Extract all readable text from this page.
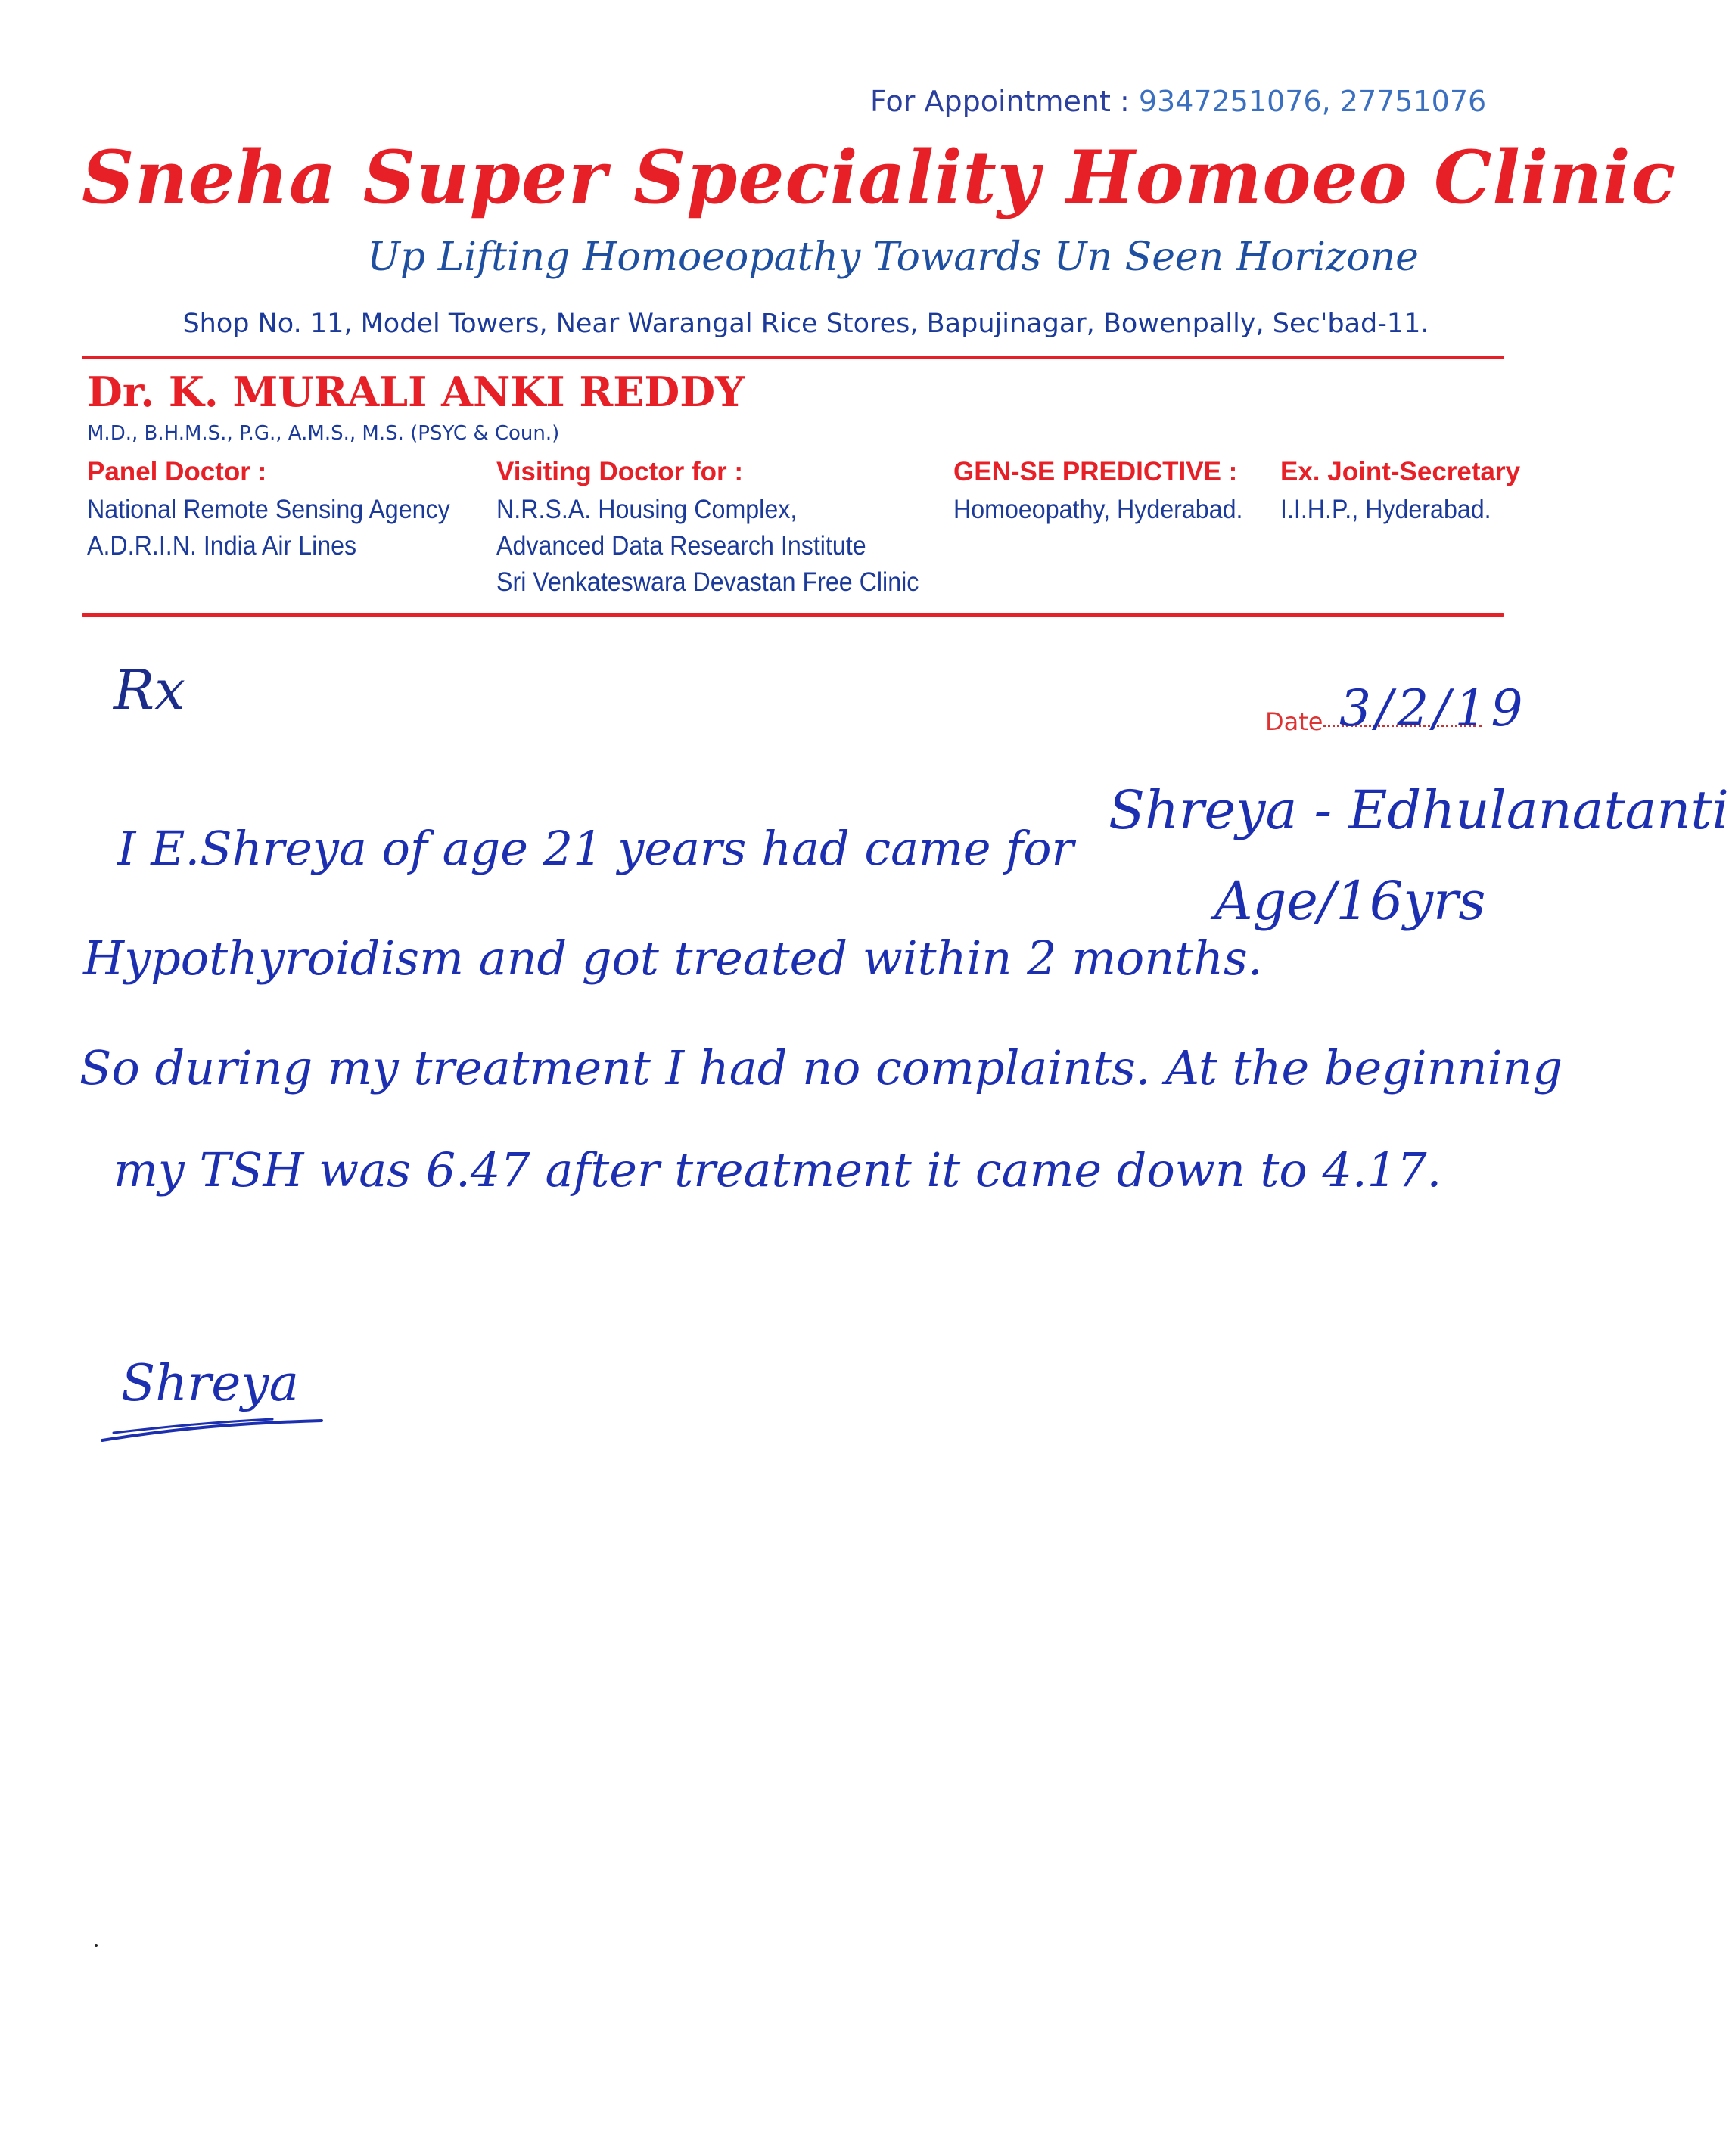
For Appointment : 9347251076, 27751076
Sneha Super Speciality Homoeo Clinic
Up Lifting Homoeopathy Towards Un Seen Horizone
Shop No. 11, Model Towers, Near Warangal Rice Stores, Bapujinagar, Bowenpally, Sec'bad-11.
Dr. K. MURALI ANKI REDDY
M.D., B.H.M.S., P.G., A.M.S., M.S. (PSYC & Coun.)
Panel Doctor :
National Remote Sensing Agency
A.D.R.I.N. India Air Lines
Visiting Doctor for :
N.R.S.A. Housing Complex,
Advanced Data Research Institute
Sri Venkateswara Devastan Free Clinic
GEN-SE PREDICTIVE :
Homoeopathy, Hyderabad.
Ex. Joint-Secretary
I.I.H.P., Hyderabad.
Rx	Date 3/2/19
Shreya - Edhulanatanti
Age/16yrs
I E.Shreya of age 21 years had came for
Hypothyroidism and got treated within 2 months.
So during my treatment I had no complaints. At the beginning
my TSH was 6.47 after treatment it came down to 4.17.
Shreya
